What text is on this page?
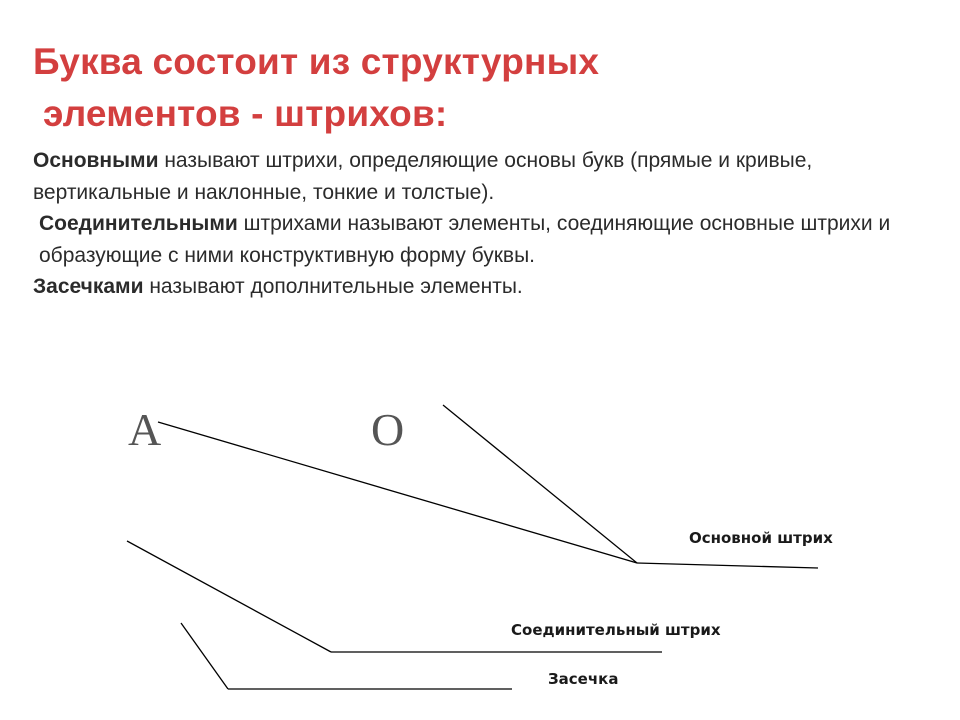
Буква состоит из структурных
элементов - штрихов:

Основными называют штрихи, определяющие основы букв (прямые и кривые, вертикальные и наклонные, тонкие и толстые).

Соединительными штрихами называют элементы, соединяющие основные штрихи и образующие с ними конструктивную форму буквы.

Засечками называют дополнительные элементы.

А	О
Основной штрих
Соединительный штрих
Засечка
